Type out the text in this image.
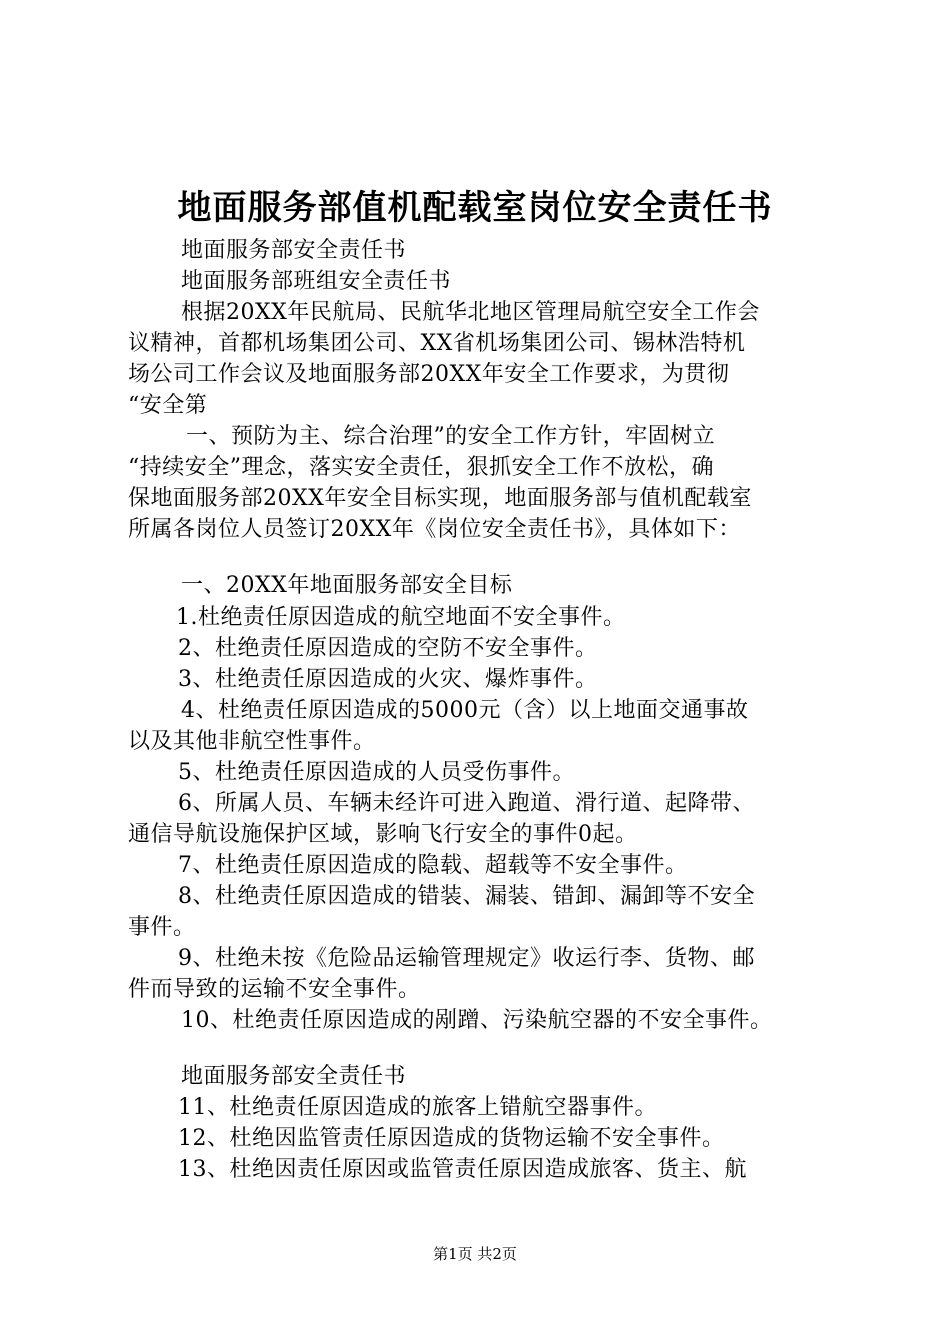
地面服务部值机配载室岗位安全责任书
地面服务部安全责任书
地面服务部班组安全责任书
根据20XX年民航局、民航华北地区管理局航空安全工作会
议精神，首都机场集团公司、XX省机场集团公司、锡林浩特机
场公司工作会议及地面服务部20XX年安全工作要求，为贯彻
“安全第
一、预防为主、综合治理”的安全工作方针，牢固树立
“持续安全”理念，落实安全责任，狠抓安全工作不放松，确
保地面服务部20XX年安全目标实现，地面服务部与值机配载室
所属各岗位人员签订20XX年《岗位安全责任书》，具体如下：
一、20XX年地面服务部安全目标
1.杜绝责任原因造成的航空地面不安全事件。
2、杜绝责任原因造成的空防不安全事件。
3、杜绝责任原因造成的火灾、爆炸事件。
4、杜绝责任原因造成的5000元（含）以上地面交通事故
以及其他非航空性事件。
5、杜绝责任原因造成的人员受伤事件。
6、所属人员、车辆未经许可进入跑道、滑行道、起降带、
通信导航设施保护区域，影响飞行安全的事件0起。
7、杜绝责任原因造成的隐载、超载等不安全事件。
8、杜绝责任原因造成的错装、漏装、错卸、漏卸等不安全
事件。
9、杜绝未按《危险品运输管理规定》收运行李、货物、邮
件而导致的运输不安全事件。
10、杜绝责任原因造成的剐蹭、污染航空器的不安全事件。
地面服务部安全责任书
11、杜绝责任原因造成的旅客上错航空器事件。
12、杜绝因监管责任原因造成的货物运输不安全事件。
13、杜绝因责任原因或监管责任原因造成旅客、货主、航
第1页 共2页
